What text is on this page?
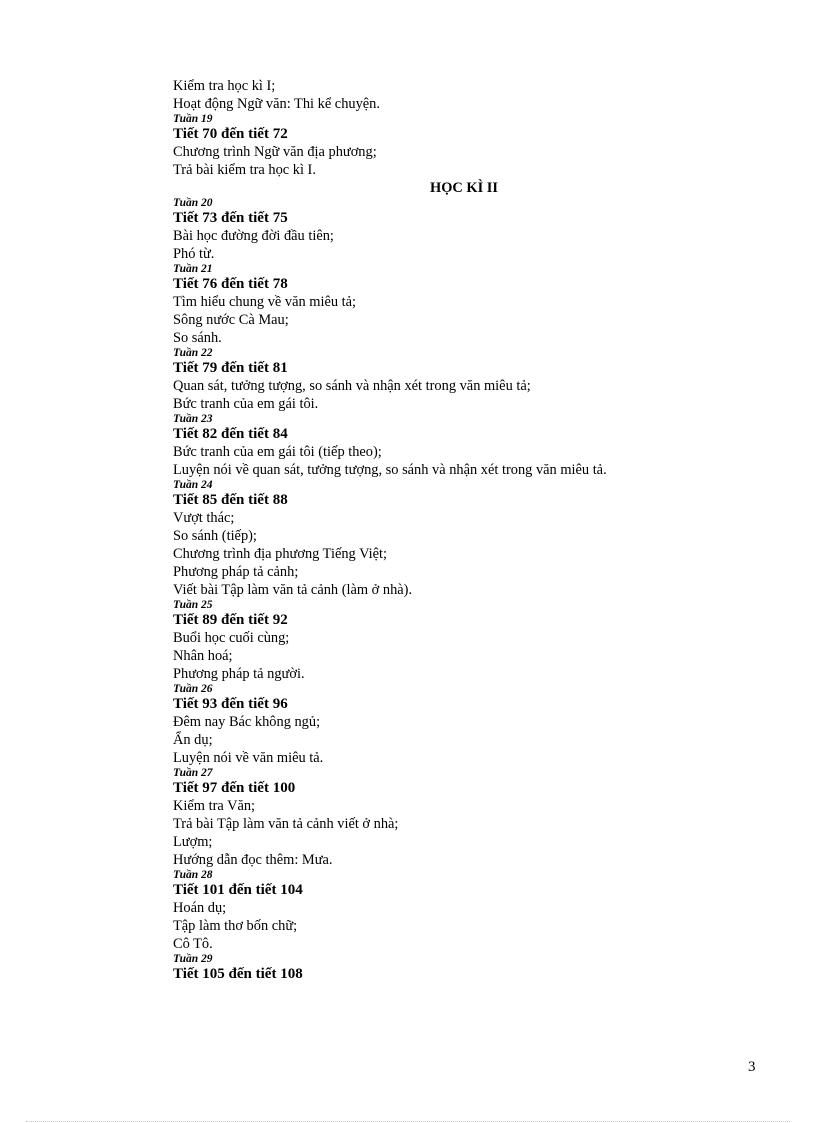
Kiểm tra học kì I;
Hoạt động Ngữ văn: Thi kể chuyện.
Tuần 19
Tiết 70 đến tiết 72
Chương trình Ngữ văn địa phương;
Trả bài kiểm tra học kì I.
HỌC KÌ II
Tuần 20
Tiết 73 đến tiết 75
Bài học đường đời đầu tiên;
Phó từ.
Tuần 21
Tiết 76 đến tiết 78
Tìm hiểu chung về văn miêu tả;
Sông nước Cà Mau;
So sánh.
Tuần 22
Tiết 79 đến tiết 81
Quan sát, tưởng tượng, so sánh và nhận xét trong văn miêu tả;
Bức tranh của em gái tôi.
Tuần 23
Tiết 82 đến tiết 84
Bức tranh của em gái tôi (tiếp theo);
Luyện nói về quan sát, tưởng tượng, so sánh và nhận xét trong văn miêu tả.
Tuần 24
Tiết 85 đến tiết 88
Vượt thác;
So sánh (tiếp);
Chương trình địa phương Tiếng Việt;
Phương pháp tả cảnh;
Viết bài Tập làm văn tả cảnh (làm ở nhà).
Tuần 25
Tiết 89 đến tiết 92
Buổi học cuối cùng;
Nhân hoá;
Phương pháp tả người.
Tuần 26
Tiết 93 đến tiết 96
Đêm nay Bác không ngủ;
Ẩn dụ;
Luyện nói về văn miêu tả.
Tuần 27
Tiết 97 đến tiết 100
Kiểm tra Văn;
Trả bài Tập làm văn tả cảnh viết ở nhà;
Lượm;
Hướng dẫn đọc thêm: Mưa.
Tuần 28
Tiết 101 đến tiết 104
Hoán dụ;
Tập làm thơ bốn chữ;
Cô Tô.
Tuần 29
Tiết 105 đến tiết 108
3
